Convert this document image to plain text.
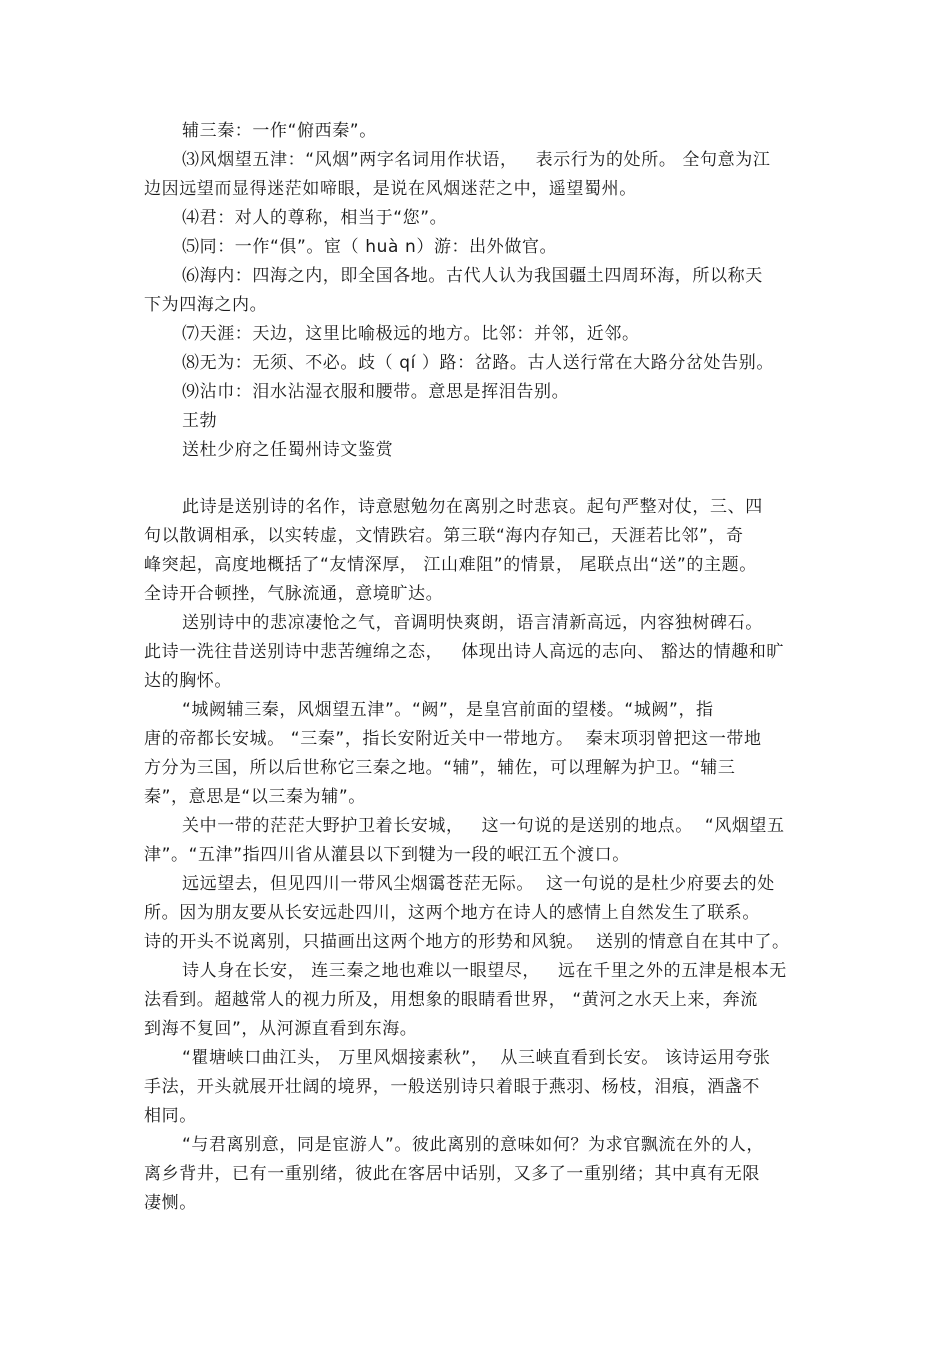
辅三秦：一作“俯西秦”。
⑶风烟望五津：“风烟”两字名词用作状语，   表示行为的处所。 全句意为江
边因远望而显得迷茫如啼眼，是说在风烟迷茫之中，遥望蜀州。
⑷君：对人的尊称，相当于“您”。
⑸同：一作“俱”。宦（ huà n）游：出外做官。
⑹海内：四海之内，即全国各地。古代人认为我国疆土四周环海，所以称天
下为四海之内。
⑺天涯：天边，这里比喻极远的地方。比邻：并邻，近邻。
⑻无为：无须、不必。歧（ qí ）路：岔路。古人送行常在大路分岔处告别。
⑼沾巾：泪水沾湿衣服和腰带。意思是挥泪告别。
王勃
送杜少府之任蜀州诗文鉴赏
此诗是送别诗的名作，诗意慰勉勿在离别之时悲哀。起句严整对仗，三、四
句以散调相承，以实转虚，文情跌宕。第三联“海内存知己，天涯若比邻”，奇
峰突起，高度地概括了“友情深厚， 江山难阻”的情景， 尾联点出“送”的主题。
全诗开合顿挫，气脉流通，意境旷达。
送别诗中的悲凉凄怆之气，音调明快爽朗，语言清新高远，内容独树碑石。
此诗一洗往昔送别诗中悲苦缠绵之态，   体现出诗人高远的志向、 豁达的情趣和旷
达的胸怀。
“城阙辅三秦，风烟望五津”。“阙”，是皇宫前面的望楼。“城阙”，指
唐的帝都长安城。 “三秦”，指长安附近关中一带地方。  秦末项羽曾把这一带地
方分为三国，所以后世称它三秦之地。“辅”，辅佐，可以理解为护卫。“辅三
秦”，意思是“以三秦为辅”。
关中一带的茫茫大野护卫着长安城，   这一句说的是送别的地点。  “风烟望五
津”。“五津”指四川省从灌县以下到犍为一段的岷江五个渡口。
远远望去，但见四川一带风尘烟霭苍茫无际。  这一句说的是杜少府要去的处
所。因为朋友要从长安远赴四川，这两个地方在诗人的感情上自然发生了联系。
诗的开头不说离别，只描画出这两个地方的形势和风貌。  送别的情意自在其中了。
诗人身在长安， 连三秦之地也难以一眼望尽，   远在千里之外的五津是根本无
法看到。超越常人的视力所及，用想象的眼睛看世界， “黄河之水天上来，奔流
到海不复回”，从河源直看到东海。
“瞿塘峡口曲江头， 万里风烟接素秋”，  从三峡直看到长安。 该诗运用夸张
手法，开头就展开壮阔的境界，一般送别诗只着眼于燕羽、杨枝，泪痕，酒盏不
相同。
“与君离别意，同是宦游人”。彼此离别的意味如何？为求官飘流在外的人，
离乡背井，已有一重别绪，彼此在客居中话别，又多了一重别绪；其中真有无限
凄恻。
